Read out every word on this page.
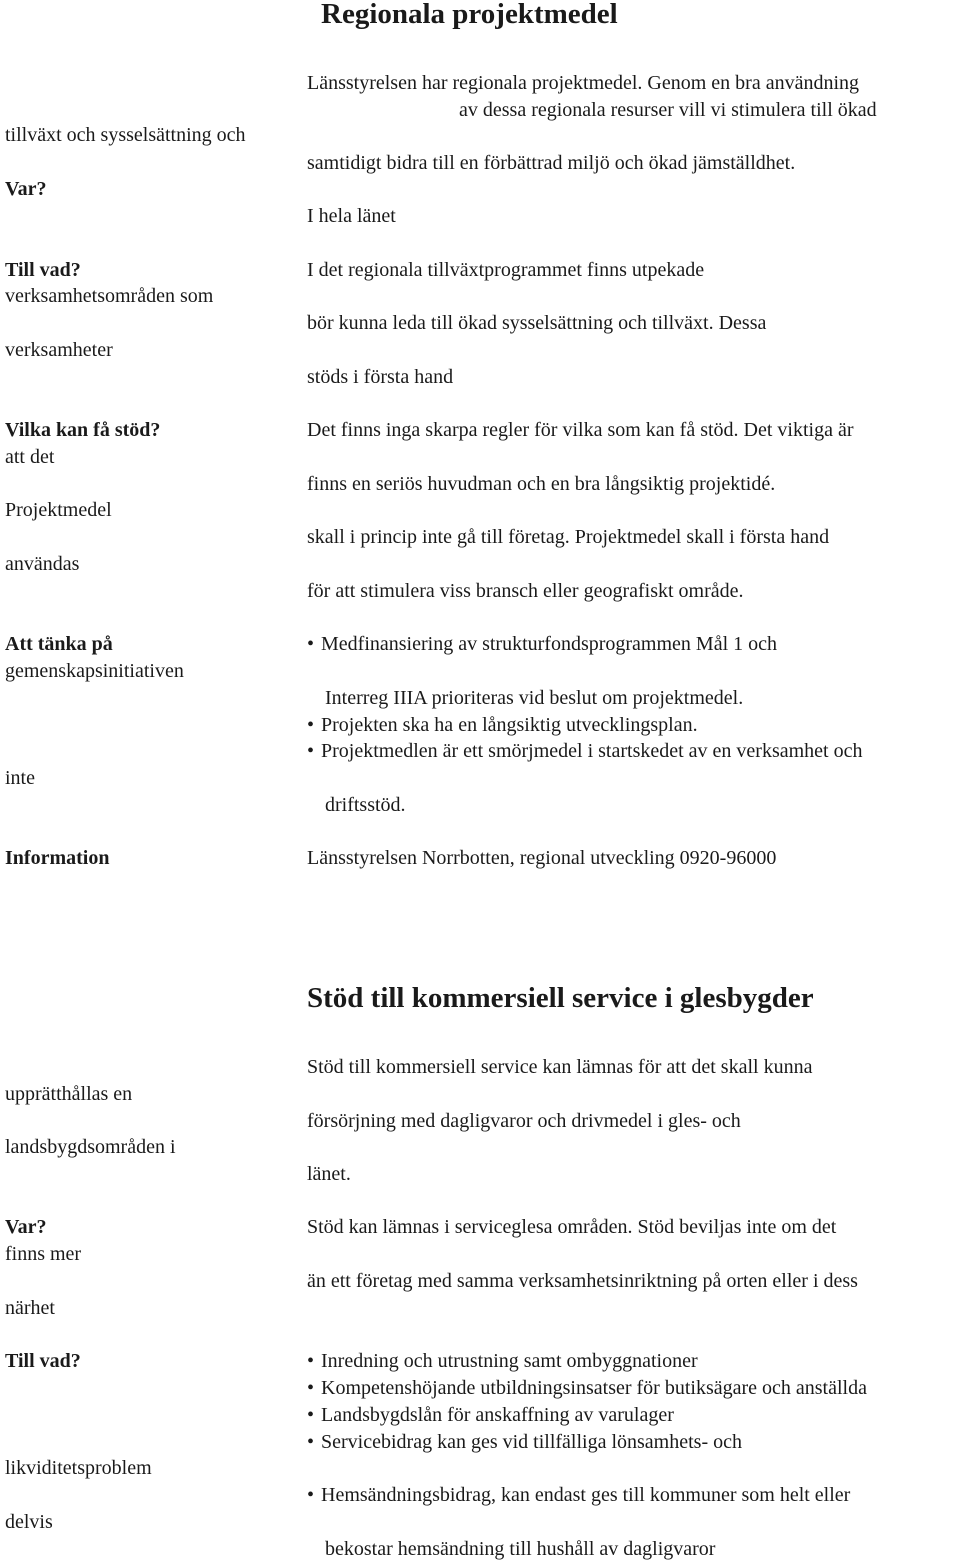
Regionala projektmedel
tillväxt och sysselsättning och
Var?
Till vad?
verksamhetsområden som
verksamheter
Vilka kan få stöd?
att det
Projektmedel
användas
Att tänka på
gemenskapsinitiativen
inte
Information
Länsstyrelsen har regionala projektmedel. Genom en bra användning
av dessa regionala resurser vill vi stimulera till ökad
samtidigt bidra till en förbättrad miljö och ökad jämställdhet.
I hela länet
I det regionala tillväxtprogrammet finns utpekade
bör kunna leda till ökad sysselsättning och tillväxt. Dessa
stöds i första hand
Det finns inga skarpa regler för vilka som kan få stöd. Det viktiga är
finns en seriös huvudman och en bra långsiktig projektidé.
skall i princip inte gå till företag. Projektmedel skall i första hand
för att stimulera viss bransch eller geografiskt område.
• Medfinansiering av strukturfondsprogrammen Mål 1 och
Interreg IIIA prioriteras vid beslut om projektmedel.
• Projekten ska ha en långsiktig utvecklingsplan.
• Projektmedlen är ett smörjmedel i startskedet av en verksamhet och
driftsstöd.
Länsstyrelsen Norrbotten, regional utveckling 0920-96000
Stöd till kommersiell service i glesbygder
upprätthållas en
landsbygdsområden i
Var?
finns mer
närhet
Till vad?
likviditetsproblem
delvis
Stöd till kommersiell service kan lämnas för att det skall kunna
försörjning med dagligvaror och drivmedel i gles- och
länet.
Stöd kan lämnas i serviceglesa områden. Stöd beviljas inte om det
än ett företag med samma verksamhetsinriktning på orten eller i dess
• Inredning och utrustning samt ombyggnationer
• Kompetenshöjande utbildningsinsatser för butiksägare och anställda
• Landsbygdslån för anskaffning av varulager
• Servicebidrag kan ges vid tillfälliga lönsamhets- och
• Hemsändningsbidrag, kan endast ges till kommuner som helt eller
bekostar hemsändning till hushåll av dagligvaror
